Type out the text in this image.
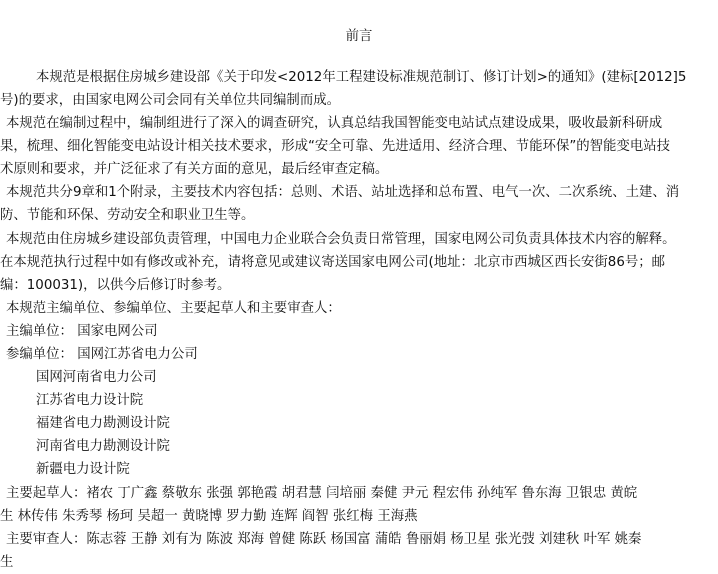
前言
本规范是根据住房城乡建设部《关于印发<2012年工程建设标准规范制订、修订计划>的通知》(建标[2012]5
号)的要求，由国家电网公司会同有关单位共同编制而成。
本规范在编制过程中，编制组进行了深入的调查研究，认真总结我国智能变电站试点建设成果，吸收最新科研成
果，梳理、细化智能变电站设计相关技术要求，形成“安全可靠、先进适用、经济合理、节能环保”的智能变电站技
术原则和要求，并广泛征求了有关方面的意见，最后经审查定稿。
本规范共分9章和1个附录，主要技术内容包括：总则、术语、站址选择和总布置、电气一次、二次系统、土建、消
防、节能和环保、劳动安全和职业卫生等。
本规范由住房城乡建设部负责管理，中国电力企业联合会负责日常管理，国家电网公司负责具体技术内容的解释。
在本规范执行过程中如有修改或补充，请将意见或建议寄送国家电网公司(地址：北京市西城区西长安街86号；邮
编：100031)，以供今后修订时参考。
本规范主编单位、参编单位、主要起草人和主要审查人：
主编单位： 国家电网公司
参编单位： 国网江苏省电力公司
国网河南省电力公司
江苏省电力设计院
福建省电力勘测设计院
河南省电力勘测设计院
新疆电力设计院
主要起草人：褚农 丁广鑫 蔡敬东 张强 郭艳霞 胡君慧 闫培丽 秦健 尹元 程宏伟 孙纯军 鲁东海 卫银忠 黄皖
生 林传伟 朱秀琴 杨珂 吴超一 黄晓博 罗力勤 连辉 阎智 张红梅 王海燕
主要审查人：陈志蓉 王静 刘有为 陈波 郑海 曾健 陈跃 杨国富 蒲皓 鲁丽娟 杨卫星 张光弢 刘建秋 叶军 姚秦
生
